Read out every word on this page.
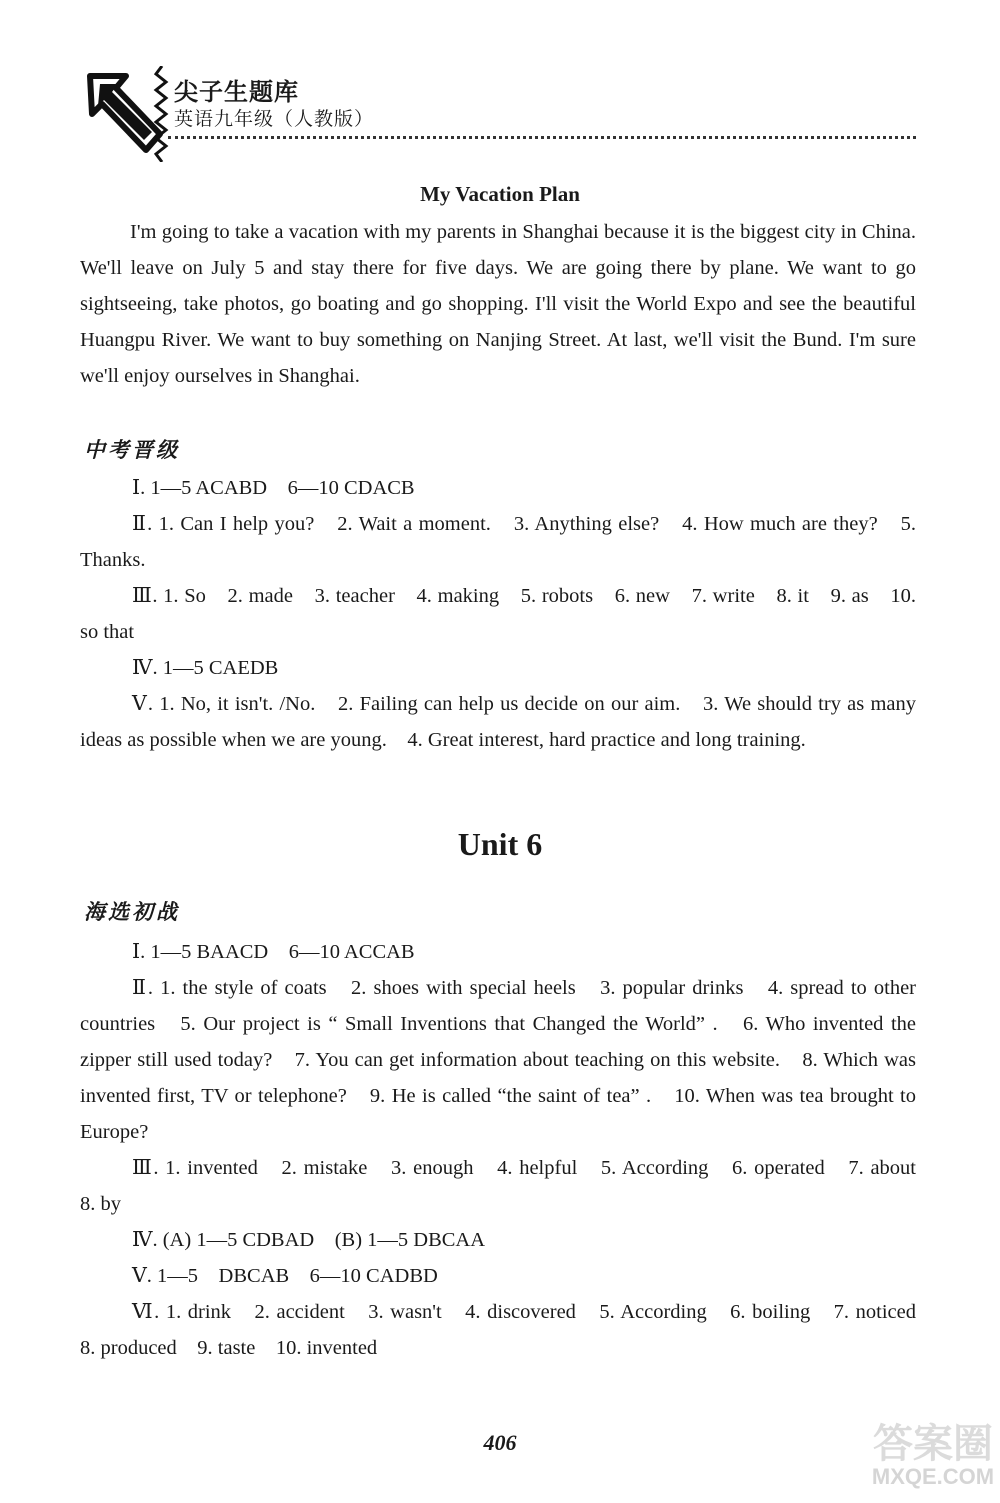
尖子生题库
英语九年级（人教版）
My Vacation Plan

I'm going to take a vacation with my parents in Shanghai because it is the biggest city in China. We'll leave on July 5 and stay there for five days. We are going there by plane. We want to go sightseeing, take photos, go boating and go shopping. I'll visit the World Expo and see the beautiful Huangpu River. We want to buy something on Nanjing Street. At last, we'll visit the Bund. I'm sure we'll enjoy ourselves in Shanghai.

中考晋级

Ⅰ. 1—5 ACABD　6—10 CDACB

Ⅱ. 1. Can I help you?　2. Wait a moment.　3. Anything else?　4. How much are they?　5. Thanks.

Ⅲ. 1. So　2. made　3. teacher　4. making　5. robots　6. new　7. write　8. it　9. as　10. so that

Ⅳ. 1—5 CAEDB

Ⅴ. 1. No, it isn't. /No.　2. Failing can help us decide on our aim.　3. We should try as many ideas as possible when we are young.　4. Great interest, hard practice and long training.

Unit 6
海选初战

Ⅰ. 1—5 BAACD　6—10 ACCAB

Ⅱ. 1. the style of coats　2. shoes with special heels　3. popular drinks　4. spread to other countries　5. Our project is “ Small Inventions that Changed the World” .　6. Who invented the zipper still used today?　7. You can get information about teaching on this website.　8. Which was invented first, TV or telephone?　9. He is called “the saint of tea” .　10. When was tea brought to Europe?

Ⅲ. 1. invented　2. mistake　3. enough　4. helpful　5. According　6. operated　7. about　8. by

Ⅳ. (A) 1—5 CDBAD　(B) 1—5 DBCAA

Ⅴ. 1—5　DBCAB　6—10 CADBD

Ⅵ. 1. drink　2. accident　3. wasn't　4. discovered　5. According　6. boiling　7. noticed　8. produced　9. taste　10. invented

406	答案圈
MXQE.COM
